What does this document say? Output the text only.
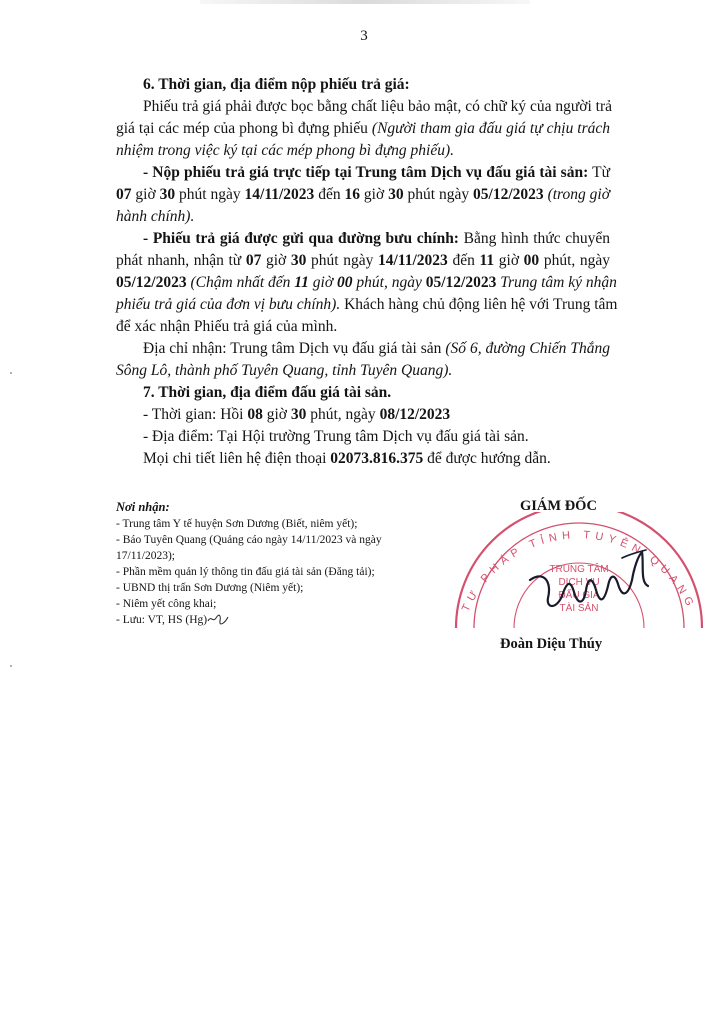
3
6. Thời gian, địa điểm nộp phiếu trả giá:
Phiếu trả giá phải được bọc bằng chất liệu bảo mật, có chữ ký của người trả
giá tại các mép của phong bì đựng phiếu (Người tham gia đấu giá tự chịu trách
nhiệm trong việc ký tại các mép phong bì đựng phiếu).
- Nộp phiếu trả giá trực tiếp tại Trung tâm Dịch vụ đấu giá tài sản: Từ
07 giờ 30 phút ngày 14/11/2023 đến 16 giờ 30 phút ngày 05/12/2023 (trong giờ
hành chính).
- Phiếu trả giá được gửi qua đường bưu chính: Bằng hình thức chuyển
phát nhanh, nhận từ 07 giờ 30 phút ngày 14/11/2023 đến 11 giờ 00 phút, ngày
05/12/2023 (Chậm nhất đến 11 giờ 00 phút, ngày 05/12/2023 Trung tâm ký nhận
phiếu trả giá của đơn vị bưu chính). Khách hàng chủ động liên hệ với Trung tâm
để xác nhận Phiếu trả giá của mình.
Địa chỉ nhận: Trung tâm Dịch vụ đấu giá tài sản (Số 6, đường Chiến Thắng
Sông Lô, thành phố Tuyên Quang, tỉnh Tuyên Quang).
7. Thời gian, địa điểm đấu giá tài sản.
- Thời gian: Hồi 08 giờ 30 phút, ngày 08/12/2023
- Địa điểm: Tại Hội trường Trung tâm Dịch vụ đấu giá tài sản.
Mọi chi tiết liên hệ điện thoại 02073.816.375 để được hướng dẫn.
Nơi nhận:
- Trung tâm Y tế huyện Sơn Dương (Biết, niêm yết);
- Báo Tuyên Quang (Quảng cáo ngày 14/11/2023 và ngày
17/11/2023);
- Phần mềm quản lý thông tin đấu giá tài sản (Đăng tải);
- UBND thị trấn Sơn Dương (Niêm yết);
- Niêm yết công khai;
- Lưu: VT, HS (Hg)
GIÁM ĐỐC
TƯ PHÁP TỈNH TUYÊN QUANG
TRUNG TÂM
DỊCH VỤ
ĐẤU GIÁ
TÀI SẢN
Đoàn Diệu Thúy
